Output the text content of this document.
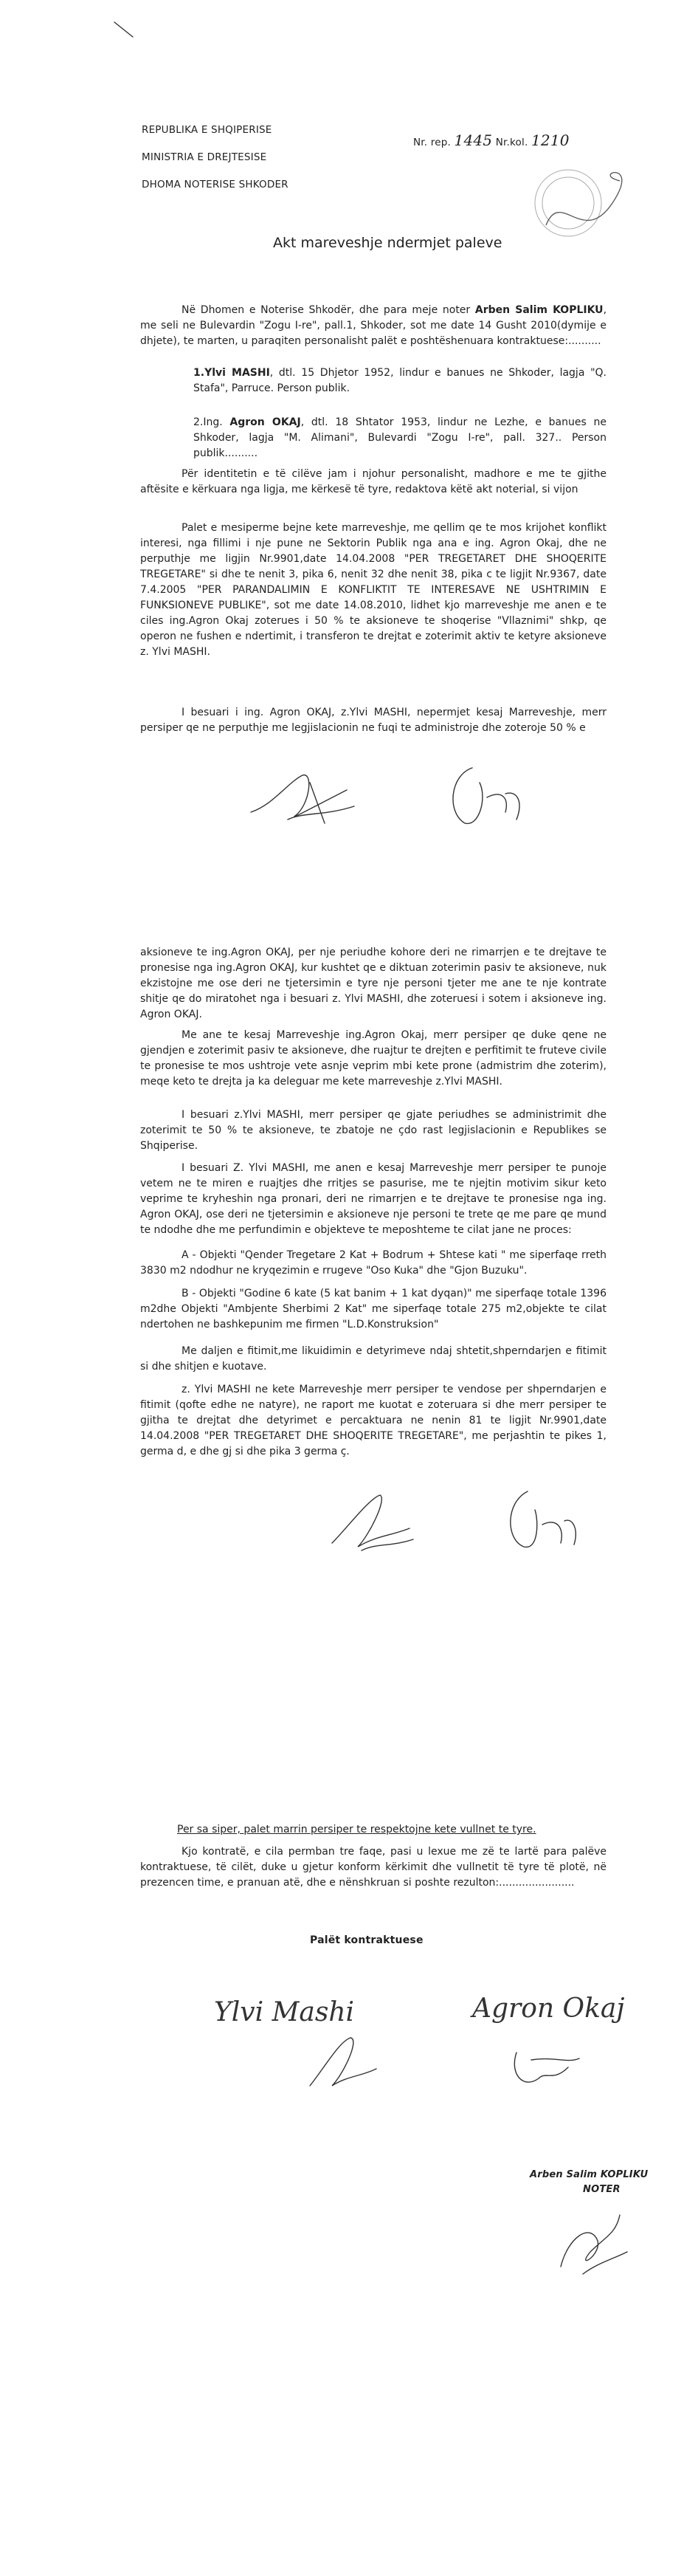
REPUBLIKA E SHQIPERISE
MINISTRIA E DREJTESISE
DHOMA NOTERISE SHKODER
Nr. rep. 1445 Nr.kol. 1210
Akt mareveshje ndermjet paleve

Në Dhomen e Noterise Shkodër, dhe para meje noter Arben Salim KOPLIKU, me seli ne Bulevardin "Zogu I-re", pall.1, Shkoder, sot me date 14 Gusht 2010(dymije e dhjete), te marten, u paraqiten personalisht palët e poshtëshenuara kontraktuese:..........

1.Ylvi MASHI, dtl. 15 Dhjetor 1952, lindur e banues ne Shkoder, lagja "Q. Stafa", Parruce. Person publik.

2.Ing. Agron OKAJ, dtl. 18 Shtator 1953, lindur ne Lezhe, e banues ne Shkoder, lagja "M. Alimani", Bulevardi "Zogu I-re", pall. 327.. Person publik..........

Për identitetin e të cilëve jam i njohur personalisht, madhore e me te gjithe aftësite e kërkuara nga ligja, me kërkesë të tyre, redaktova këtë akt noterial, si vijon

Palet e mesiperme bejne kete marreveshje, me qellim qe te mos krijohet konflikt interesi, nga fillimi i nje pune ne Sektorin Publik nga ana e ing. Agron Okaj, dhe ne perputhje me ligjin Nr.9901,date 14.04.2008 "PER TREGETARET DHE SHOQERITE TREGETARE" si dhe te nenit 3, pika 6, nenit 32 dhe nenit 38, pika c te ligjit Nr.9367, date 7.4.2005 "PER PARANDALIMIN E KONFLIKTIT TE INTERESAVE NE USHTRIMIN E FUNKSIONEVE PUBLIKE", sot me date 14.08.2010, lidhet kjo marreveshje me anen e te ciles ing.Agron Okaj zoterues i 50 % te aksioneve te shoqerise "Vllaznimi" shkp, qe operon ne fushen e ndertimit, i transferon te drejtat e zoterimit aktiv te ketyre aksioneve z. Ylvi MASHI.

I besuari i ing. Agron OKAJ, z.Ylvi MASHI, nepermjet kesaj Marreveshje, merr persiper qe ne perputhje me legjislacionin ne fuqi te administroje dhe zoteroje 50 % e

aksioneve te ing.Agron OKAJ, per nje periudhe kohore deri ne rimarrjen e te drejtave te pronesise nga ing.Agron OKAJ, kur kushtet qe e diktuan zoterimin pasiv te aksioneve, nuk ekzistojne me ose deri ne tjetersimin e tyre nje personi tjeter me ane te nje kontrate shitje qe do miratohet nga i besuari z. Ylvi MASHI, dhe zoteruesi i sotem i aksioneve ing. Agron OKAJ.

Me ane te kesaj Marreveshje ing.Agron Okaj, merr persiper qe duke qene ne gjendjen e zoterimit pasiv te aksioneve, dhe ruajtur te drejten e perfitimit te fruteve civile te pronesise te mos ushtroje vete asnje veprim mbi kete prone (admistrim dhe zoterim), meqe keto te drejta ja ka deleguar me kete marreveshje z.Ylvi MASHI.

I besuari z.Ylvi MASHI, merr persiper qe gjate periudhes se administrimit dhe zoterimit te 50 % te aksioneve, te zbatoje ne çdo rast legjislacionin e Republikes se Shqiperise.

I besuari Z. Ylvi MASHI, me anen e kesaj Marreveshje merr persiper te punoje vetem ne te miren e ruajtjes dhe rritjes se pasurise, me te njejtin motivim sikur keto veprime te kryheshin nga pronari, deri ne rimarrjen e te drejtave te pronesise nga ing. Agron OKAJ, ose deri ne tjetersimin e aksioneve nje personi te trete qe me pare qe mund te ndodhe dhe me perfundimin e objekteve te meposhteme te cilat jane ne proces:

A - Objekti "Qender Tregetare 2 Kat + Bodrum + Shtese kati " me siperfaqe rreth 3830 m2 ndodhur ne kryqezimin e rrugeve "Oso Kuka" dhe "Gjon Buzuku".

B - Objekti "Godine 6 kate (5 kat banim + 1 kat dyqan)" me siperfaqe totale 1396 m2dhe Objekti "Ambjente Sherbimi 2 Kat" me siperfaqe totale 275 m2,objekte te cilat ndertohen ne bashkepunim me firmen "L.D.Konstruksion"

Me daljen e fitimit,me likuidimin e detyrimeve ndaj shtetit,shperndarjen e fitimit si dhe shitjen e kuotave.

z. Ylvi MASHI ne kete Marreveshje merr persiper te vendose per shperndarjen e fitimit (qofte edhe ne natyre), ne raport me kuotat e zoteruara si dhe merr persiper te gjitha te drejtat dhe detyrimet e percaktuara ne nenin 81 te ligjit Nr.9901,date 14.04.2008 "PER TREGETARET DHE SHOQERITE TREGETARE", me perjashtin te pikes 1, germa d, e dhe gj si dhe pika 3 germa ç.

Per sa siper, palet marrin persiper te respektojne kete vullnet te tyre.

Kjo kontratë, e cila permban tre faqe, pasi u lexue me zë te lartë para palëve kontraktuese, të cilët, duke u gjetur konform kërkimit dhe vullnetit të tyre të plotë, në prezencen time, e pranuan atë, dhe e nënshkruan si poshte rezulton:.......................

Palët kontraktuese
Ylvi Mashi	Agron Okaj
Arben Salim KOPLIKU
NOTER
